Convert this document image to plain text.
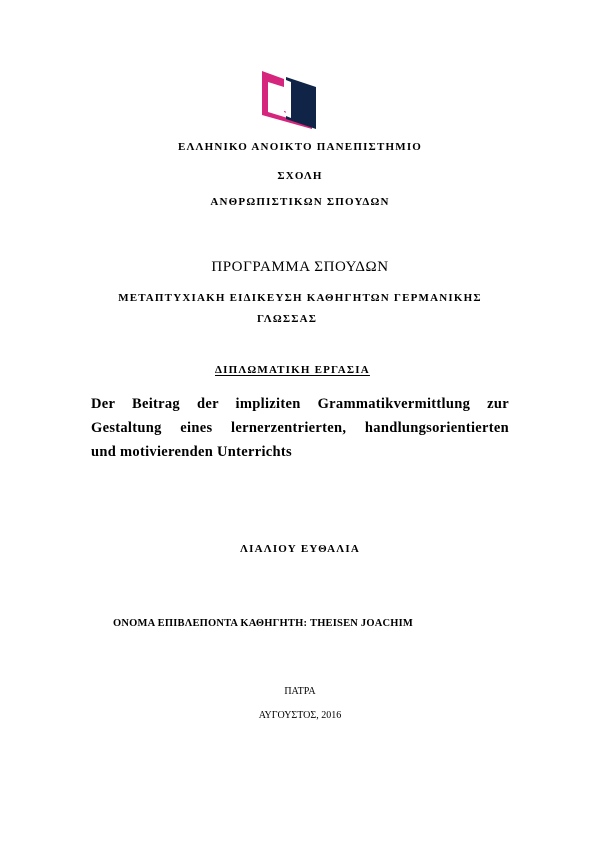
ΕΛΛΗΝΙΚΟ ΑΝΟΙΚΤΟ ΠΑΝΕΠΙΣΤΗΜΙΟ
ΣΧΟΛΗ
ΑΝΘΡΩΠΙΣΤΙΚΩΝ ΣΠΟΥΔΩΝ
ΠΡΟΓΡΑΜΜΑ ΣΠΟΥΔΩΝ
ΜΕΤΑΠΤΥΧΙΑΚΗ ΕΙΔΙΚΕΥΣΗ ΚΑΘΗΓΗΤΩΝ ΓΕΡΜΑΝΙΚΗΣ
ΓΛΩΣΣΑΣ
ΔΙΠΛΩΜΑΤΙΚΗ ΕΡΓΑΣΙΑ
Der Beitrag der impliziten Grammatikvermittlung zur
Gestaltung eines lernerzentrierten, handlungsorientierten
und motivierenden Unterrichts
ΛΙΑΛΙΟΥ ΕΥΘΑΛΙΑ
ΟΝΟΜΑ ΕΠΙΒΛΕΠΟΝΤΑ ΚΑΘΗΓΗΤΗ: THEISEN JOACHIM
ΠΑΤΡΑ
ΑΥΓΟΥΣΤΟΣ, 2016
